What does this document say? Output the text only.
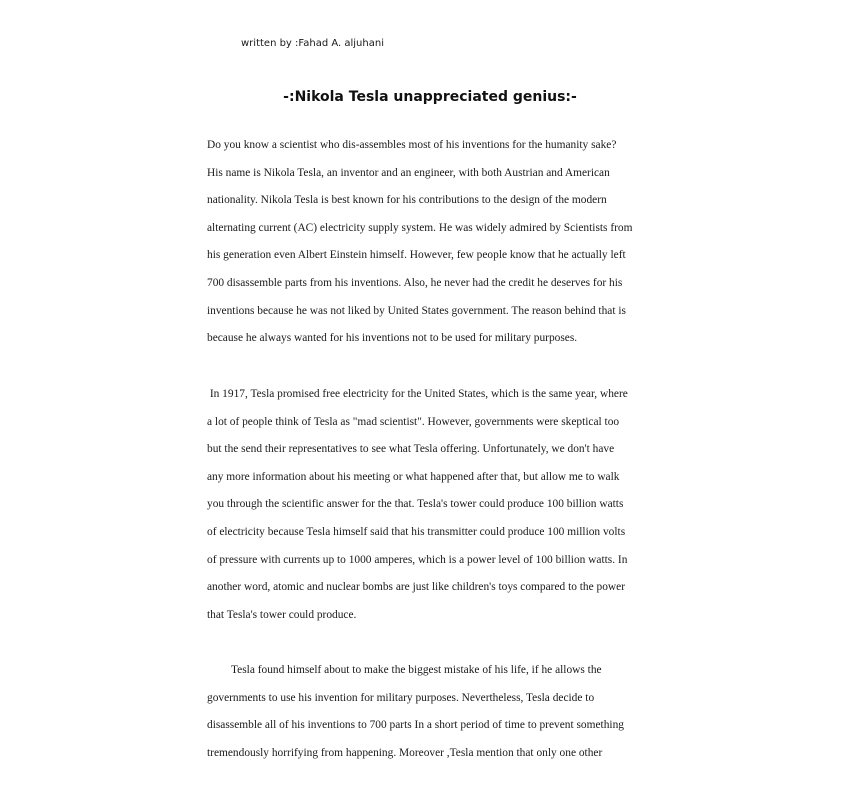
written by :Fahad A. aljuhani
-:Nikola Tesla unappreciated genius:-
Do you know a scientist who dis-assembles most of his inventions for the humanity sake?
His name is Nikola Tesla, an inventor and an engineer, with both Austrian and American
nationality. Nikola Tesla is best known for his contributions to the design of the modern
alternating current (AC) electricity supply system. He was widely admired by Scientists from
his generation even Albert Einstein himself. However, few people know that he actually left
700 disassemble parts from his inventions. Also, he never had the credit he deserves for his
inventions because he was not liked by United States government. The reason behind that is
because he always wanted for his inventions not to be used for military purposes.
In 1917, Tesla promised free electricity for the United States, which is the same year, where
a lot of people think of Tesla as "mad scientist". However, governments were skeptical too
but the send their representatives to see what Tesla offering. Unfortunately, we don't have
any more information about his meeting or what happened after that, but allow me to walk
you through the scientific answer for the that. Tesla's tower could produce 100 billion watts
of electricity because Tesla himself said that his transmitter could produce 100 million volts
of pressure with currents up to 1000 amperes, which is a power level of 100 billion watts. In
another word, atomic and nuclear bombs are just like children's toys compared to the power
that Tesla's tower could produce.
Tesla found himself about to make the biggest mistake of his life, if he allows the
governments to use his invention for military purposes. Nevertheless, Tesla decide to
disassemble all of his inventions to 700 parts In a short period of time to prevent something
tremendously horrifying from happening. Moreover ,Tesla mention that only one other
